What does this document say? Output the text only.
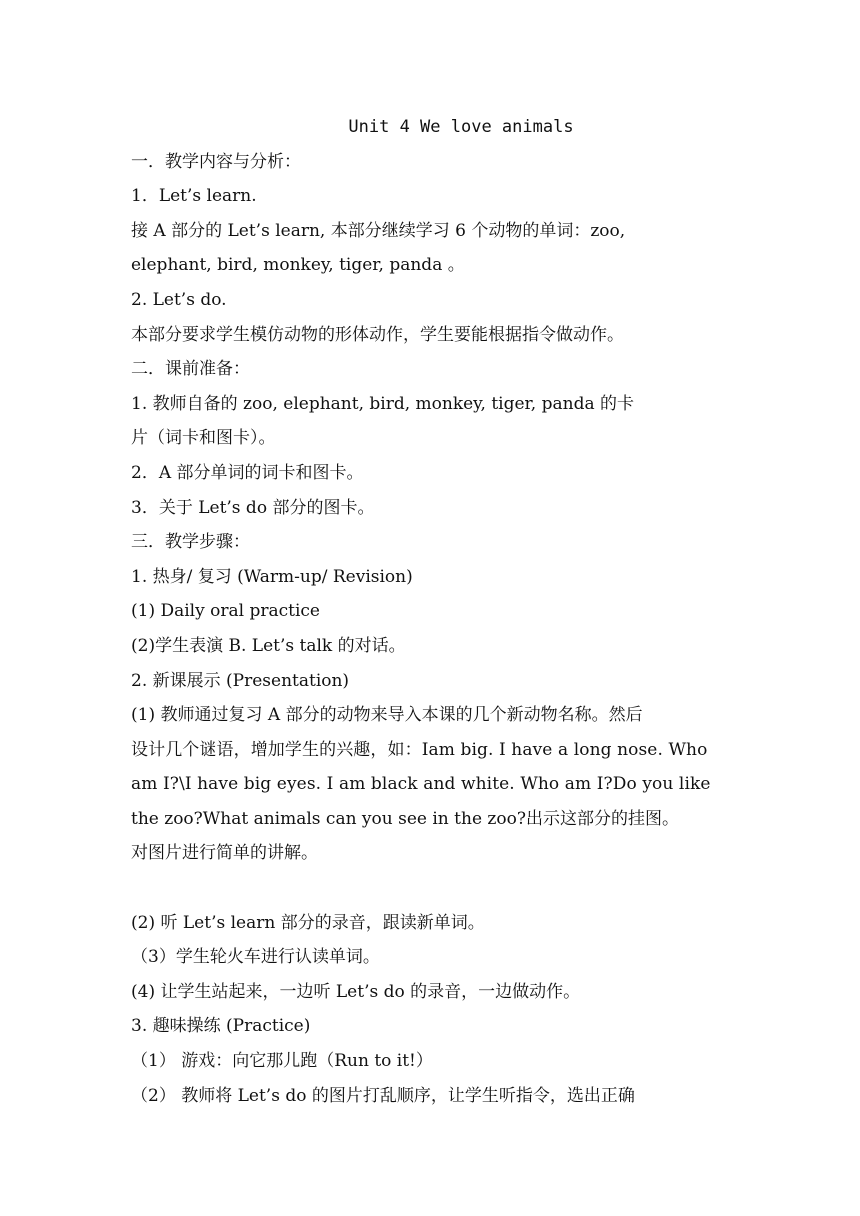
Unit 4 We love animals
一．教学内容与分析：
1．Let’s learn.
接 A 部分的 Let’s learn, 本部分继续学习 6 个动物的单词：zoo,
elephant, bird, monkey, tiger, panda 。
2. Let’s do.
本部分要求学生模仿动物的形体动作，学生要能根据指令做动作。
二．课前准备：
1. 教师自备的 zoo, elephant, bird, monkey, tiger, panda 的卡
片（词卡和图卡）。
2．A 部分单词的词卡和图卡。
3．关于 Let’s do 部分的图卡。
三．教学步骤：
1. 热身/ 复习 (Warm-up/ Revision)
(1) Daily oral practice
(2)学生表演 B. Let’s talk 的对话。
2. 新课展示 (Presentation)
(1) 教师通过复习 A 部分的动物来导入本课的几个新动物名称。然后
设计几个谜语，增加学生的兴趣，如：Iam big. I have a long nose. Who
am I?\I have big eyes. I am black and white. Who am I?Do you like
the zoo?What animals can you see in the zoo?出示这部分的挂图。
对图片进行简单的讲解。
(2) 听 Let’s learn 部分的录音，跟读新单词。
（3）学生轮火车进行认读单词。
(4) 让学生站起来，一边听 Let’s do 的录音，一边做动作。
3. 趣味操练 (Practice)
（1） 游戏：向它那儿跑（Run to it!）
（2） 教师将 Let’s do 的图片打乱顺序，让学生听指令，选出正确
